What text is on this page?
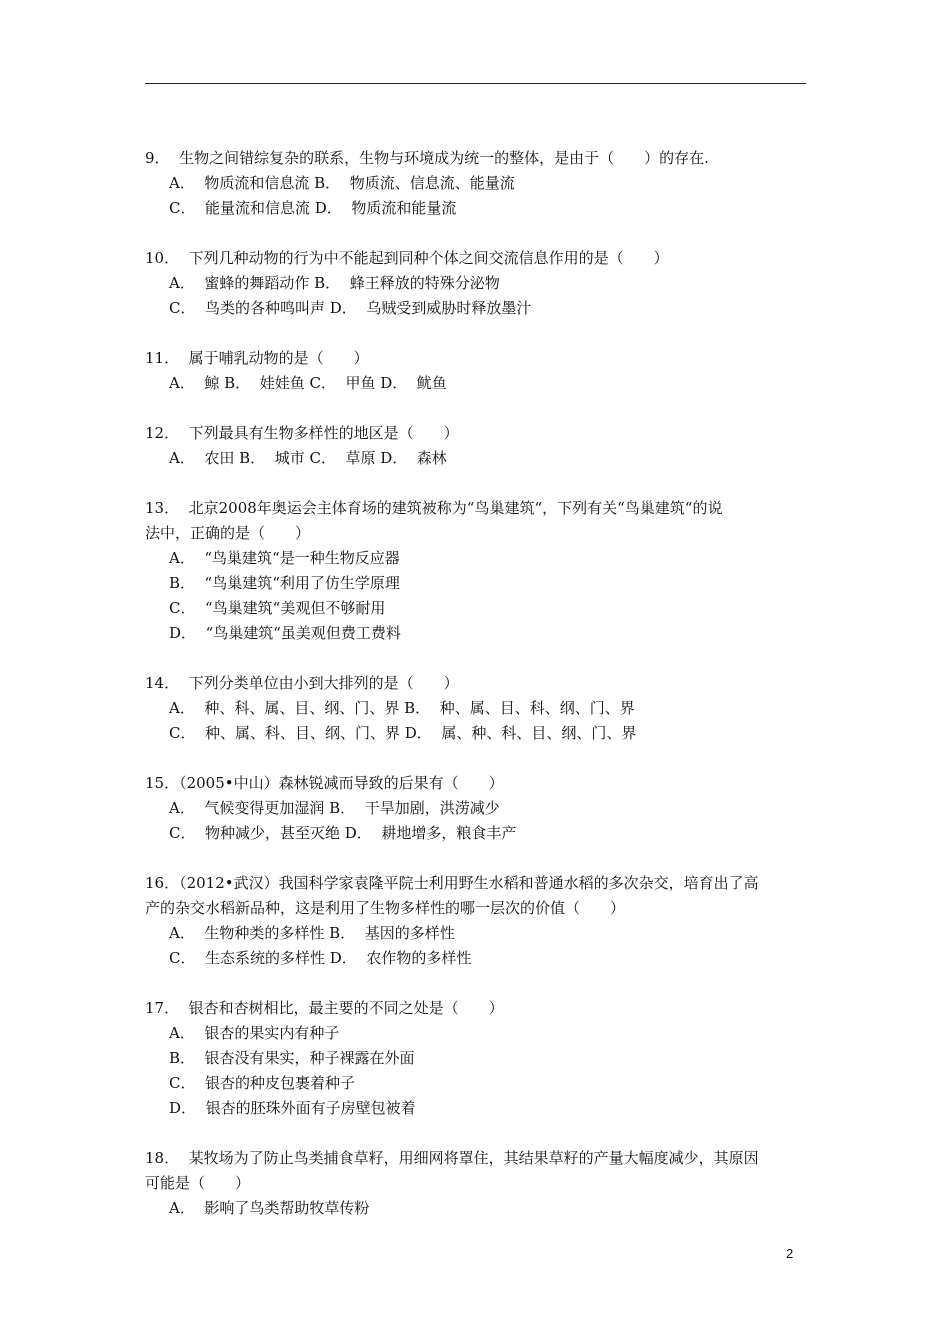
9．  生物之间错综复杂的联系，生物与环境成为统一的整体，是由于（　　）的存在.
A．  物质流和信息流 B．  物质流、信息流、能量流
C．  能量流和信息流 D．  物质流和能量流
10．  下列几种动物的行为中不能起到同种个体之间交流信息作用的是（　　）
A．  蜜蜂的舞蹈动作 B．  蜂王释放的特殊分泌物
C．  鸟类的各种鸣叫声 D．  乌贼受到威胁时释放墨汁
11．  属于哺乳动物的是（　　）
A．  鲸 B．  娃娃鱼 C．  甲鱼 D．  鱿鱼
12．  下列最具有生物多样性的地区是（　　）
A．  农田 B．  城市 C．  草原 D．  森林
13．  北京2008年奥运会主体育场的建筑被称为“鸟巢建筑“，下列有关“鸟巢建筑“的说
法中，正确的是（　　）
A．  “鸟巢建筑“是一种生物反应器
B．  “鸟巢建筑“利用了仿生学原理
C．  “鸟巢建筑“美观但不够耐用
D．  “鸟巢建筑“虽美观但费工费料
14．  下列分类单位由小到大排列的是（　　）
A．  种、科、属、目、纲、门、界 B．  种、属、目、科、纲、门、界
C．  种、属、科、目、纲、门、界 D．  属、种、科、目、纲、门、界
15．（2005•中山）森林锐减而导致的后果有（　　）
A．  气候变得更加湿润 B．  干旱加剧，洪涝减少
C．  物种减少，甚至灭绝 D．  耕地增多，粮食丰产
16．（2012•武汉）我国科学家袁隆平院士利用野生水稻和普通水稻的多次杂交，培育出了高
产的杂交水稻新品种，这是利用了生物多样性的哪一层次的价值（　　）
A．  生物种类的多样性 B．  基因的多样性
C．  生态系统的多样性 D．  农作物的多样性
17．  银杏和杏树相比，最主要的不同之处是（　　）
A．  银杏的果实内有种子
B．  银杏没有果实，种子裸露在外面
C．  银杏的种皮包裹着种子
D．  银杏的胚珠外面有子房壁包被着
18．  某牧场为了防止鸟类捕食草籽，用细网将罩住，其结果草籽的产量大幅度减少，其原因
可能是（　　）
A．  影响了鸟类帮助牧草传粉
2
